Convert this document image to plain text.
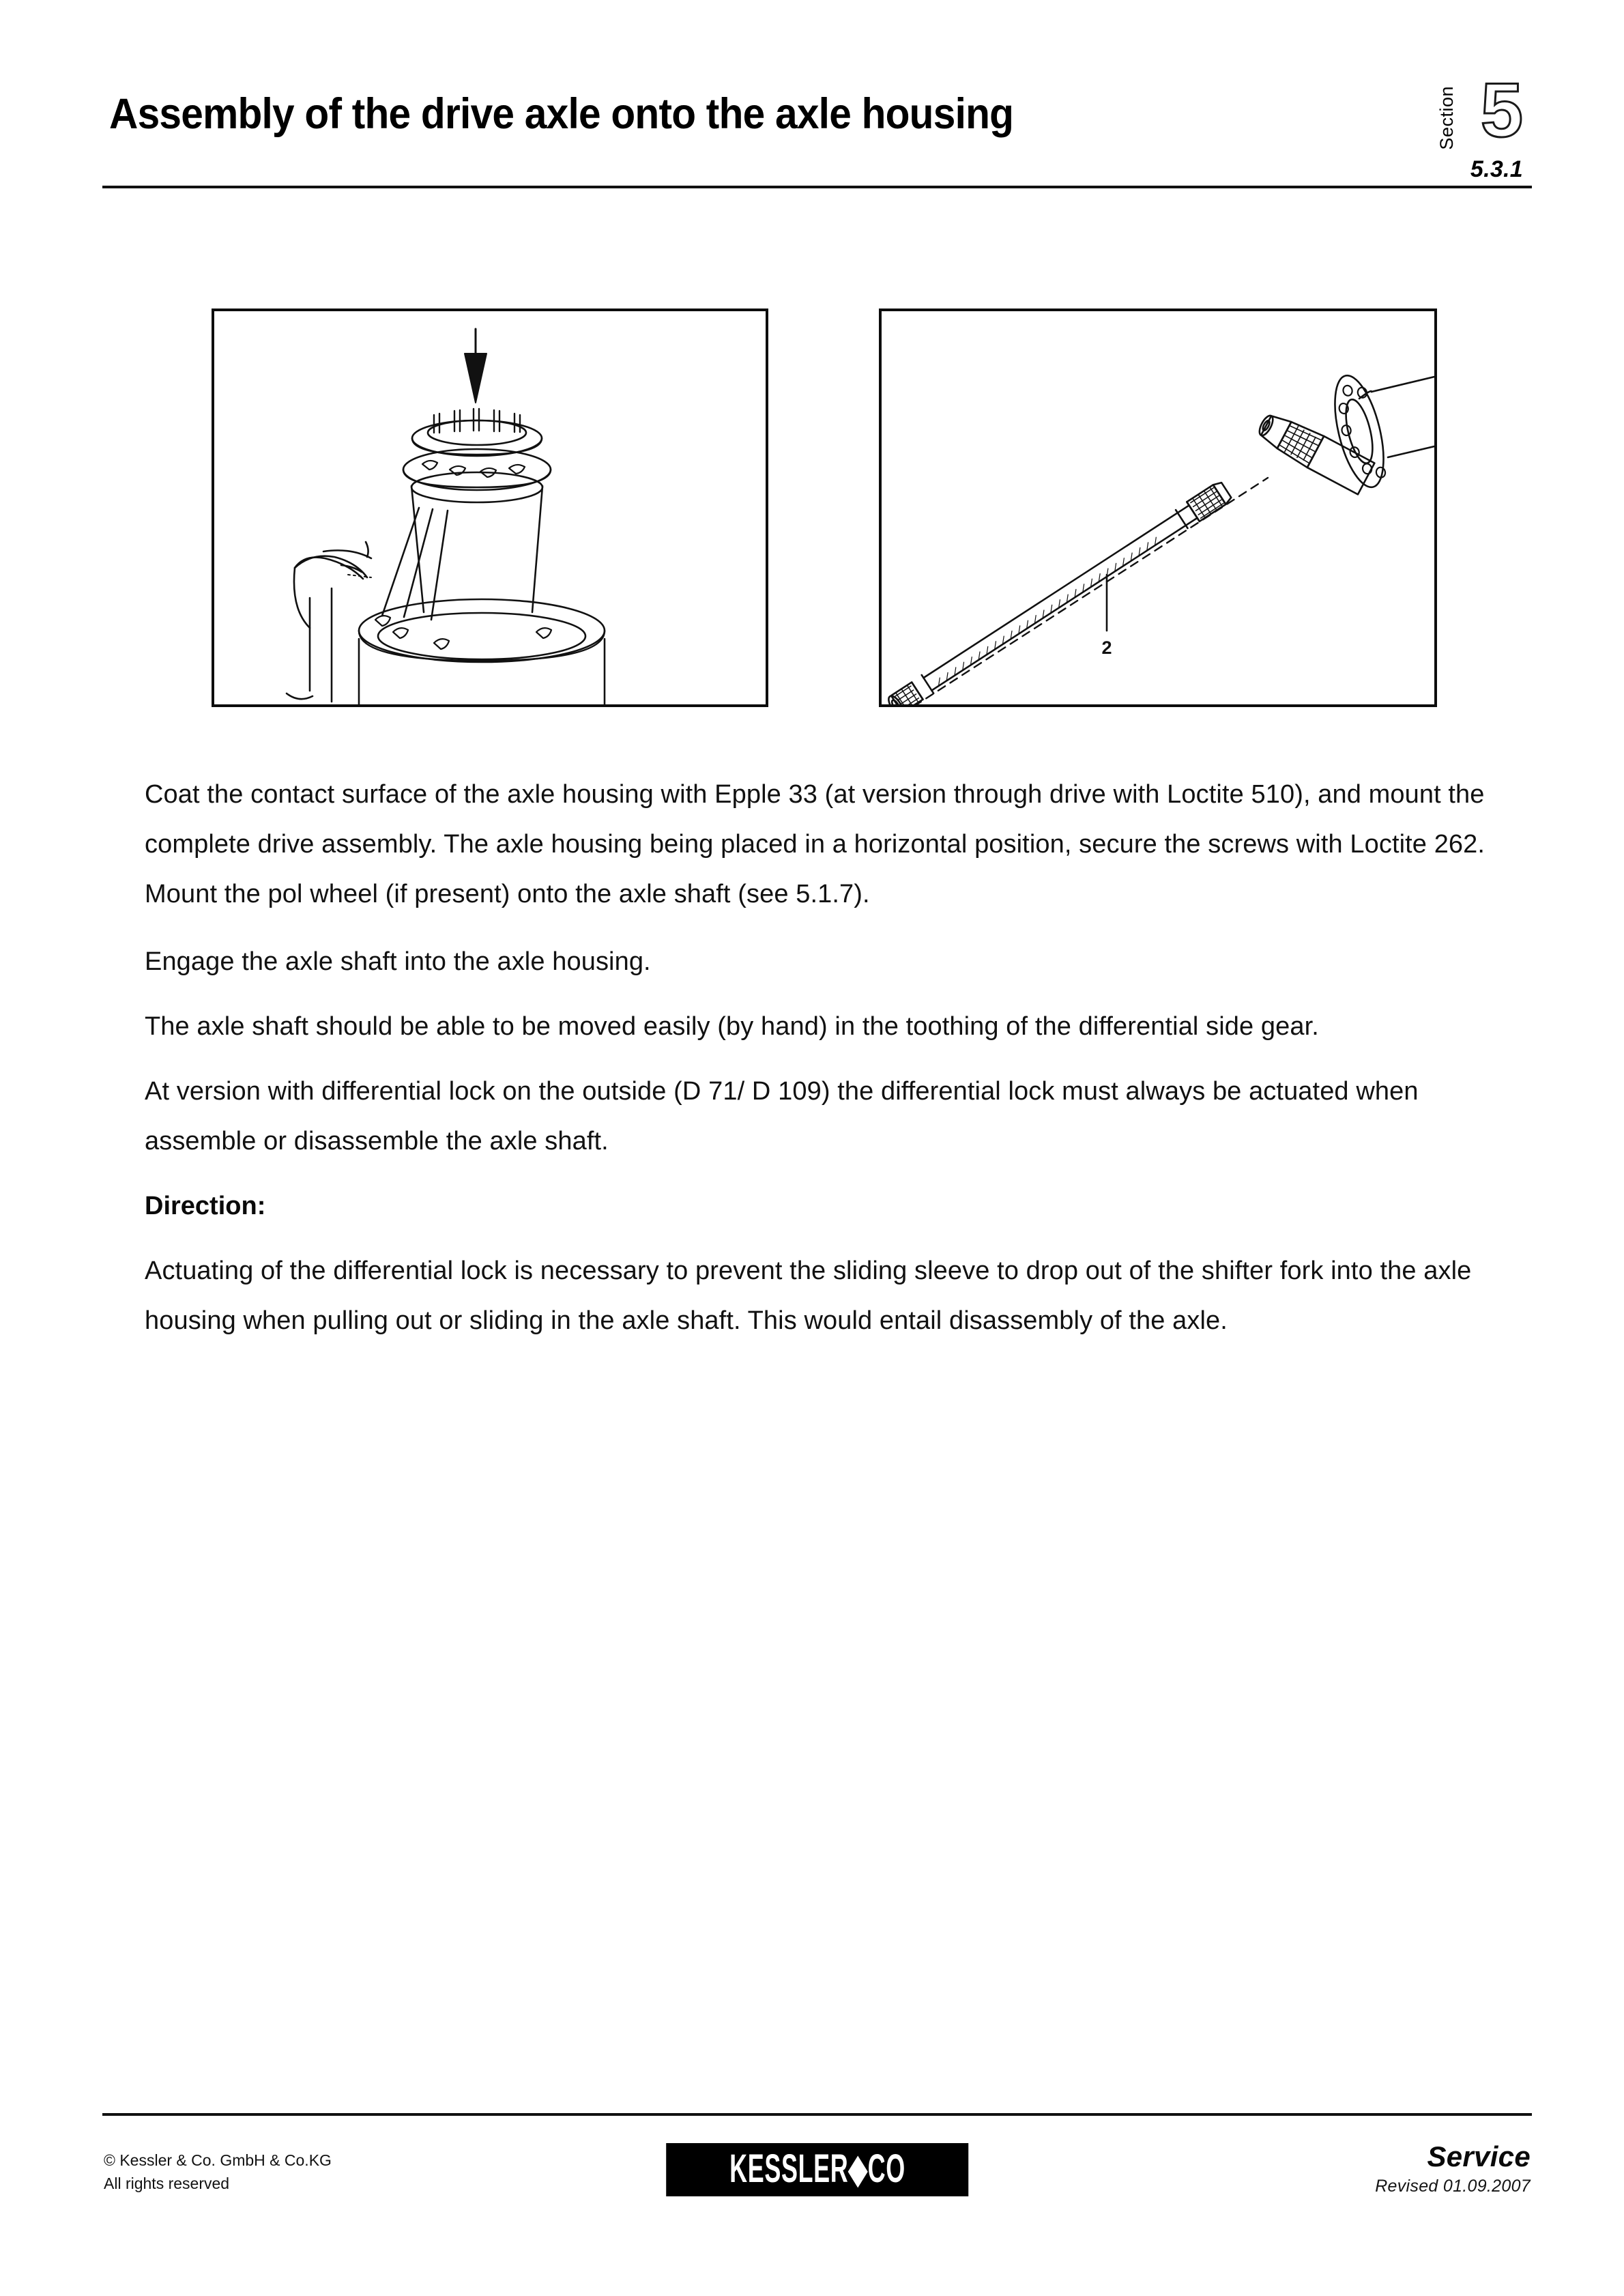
Assembly of the drive axle onto the axle housing	Section 5
5.3.1
2

Coat the contact surface of the axle housing with Epple 33 (at version through drive with Loctite 510), and mount the complete drive assembly. The axle housing being placed in a horizontal position, secure the screws with Loctite 262. Mount the pol wheel (if present) onto the axle shaft (see 5.1.7).

Engage the axle shaft into the axle housing.

The axle shaft should be able to be moved easily (by hand) in the toothing of the differential side gear.

At version with differential lock on the outside (D 71/ D 109) the differential lock must always be actuated when assemble or disassemble the axle shaft.

Direction:

Actuating of the differential lock is necessary to prevent the sliding sleeve to drop out of the shifter fork into the axle housing when pulling out or sliding in the axle shaft. This would entail disassembly of the axle.

© Kessler & Co. GmbH & Co.KG
All rights reserved	KESSLER◆CO	Service
Revised 01.09.2007
